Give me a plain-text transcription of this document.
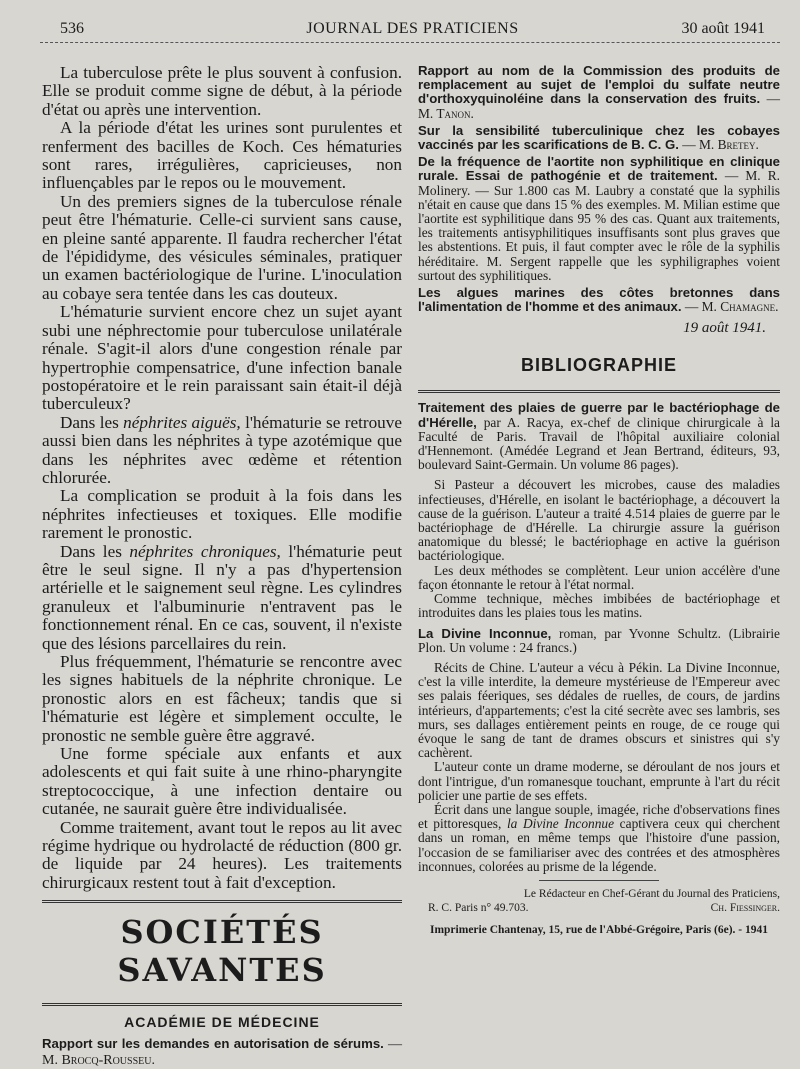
536	JOURNAL DES PRATICIENS	30 août 1941

La tuberculose prête le plus souvent à confusion. Elle se produit comme signe de début, à la période d'état ou après une intervention.

A la période d'état les urines sont purulentes et renferment des bacilles de Koch. Ces hématuries sont rares, irrégulières, capricieuses, non influençables par le repos ou le mouvement.

Un des premiers signes de la tuberculose rénale peut être l'hématurie. Celle-ci survient sans cause, en pleine santé apparente. Il faudra rechercher l'état de l'épididyme, des vésicules séminales, pratiquer un examen bactériologique de l'urine. L'inoculation au cobaye sera tentée dans les cas douteux.

L'hématurie survient encore chez un sujet ayant subi une néphrectomie pour tuberculose unilatérale rénale. S'agit-il alors d'une congestion rénale par hypertrophie compensatrice, d'une infection banale postopératoire et le rein paraissant sain était-il déjà tuberculeux?

Dans les néphrites aiguës, l'hématurie se retrouve aussi bien dans les néphrites à type azotémique que dans les néphrites avec œdème et rétention chlorurée.

La complication se produit à la fois dans les néphrites infectieuses et toxiques. Elle modifie rarement le pronostic.

Dans les néphrites chroniques, l'hématurie peut être le seul signe. Il n'y a pas d'hypertension artérielle et le saignement seul règne. Les cylindres granuleux et l'albuminurie n'entravent pas le fonctionnement rénal. En ce cas, souvent, il n'existe que des lésions parcellaires du rein.

Plus fréquemment, l'hématurie se rencontre avec les signes habituels de la néphrite chronique. Le pronostic alors en est fâcheux; tandis que si l'hématurie est légère et simplement occulte, le pronostic ne semble guère être aggravé.

Une forme spéciale aux enfants et aux adolescents et qui fait suite à une rhino-pharyngite streptococcique, à une infection dentaire ou cutanée, ne saurait guère être individualisée.

Comme traitement, avant tout le repos au lit avec régime hydrique ou hydrolacté de réduction (800 gr. de liquide par 24 heures). Les traitements chirurgicaux restent tout à fait d'exception.

SOCIÉTÉS SAVANTES
ACADÉMIE DE MÉDECINE

Rapport sur les demandes en autorisation de sérums. — M. Brocq-Rousseu.

Rapport au nom de la Commission des produits de remplacement au sujet de l'emploi du sulfate neutre d'orthoxyquinoléine dans la conservation des fruits. — M. Tanon.

Sur la sensibilité tuberculinique chez les cobayes vaccinés par les scarifications de B. C. G. — M. Bretey.

De la fréquence de l'aortite non syphilitique en clinique rurale. Essai de pathogénie et de traitement. — M. R. Molinery. — Sur 1.800 cas M. Laubry a constaté que la syphilis n'était en cause que dans 15 % des exemples. M. Milian estime que l'aortite est syphilitique dans 95 % des cas. Quant aux traitements, les traitements antisyphilitiques insuffisants sont plus graves que les abstentions. Et puis, il faut compter avec le rôle de la syphilis héréditaire. M. Sergent rappelle que les syphiligraphes voient surtout des syphilitiques.

Les algues marines des côtes bretonnes dans l'alimentation de l'homme et des animaux. — M. Chamagne.

19 août 1941.
BIBLIOGRAPHIE

Traitement des plaies de guerre par le bactériophage de d'Hérelle, par A. Racya, ex-chef de clinique chirurgicale à la Faculté de Paris. Travail de l'hôpital auxiliaire colonial d'Hennemont. (Amédée Legrand et Jean Bertrand, éditeurs, 93, boulevard Saint-Germain. Un volume 86 pages).

Si Pasteur a découvert les microbes, cause des maladies infectieuses, d'Hérelle, en isolant le bactériophage, a découvert la cause de la guérison. L'auteur a traité 4.514 plaies de guerre par le bactériophage de d'Hérelle. La chirurgie assure la guérison anatomique du blessé; le bactériophage en active la guérison bactériologique.

Les deux méthodes se complètent. Leur union accélère d'une façon étonnante le retour à l'état normal.

Comme technique, mèches imbibées de bactériophage et introduites dans les plaies tous les matins.

La Divine Inconnue, roman, par Yvonne Schultz. (Librairie Plon. Un volume : 24 francs.)

Récits de Chine. L'auteur a vécu à Pékin. La Divine Inconnue, c'est la ville interdite, la demeure mystérieuse de l'Empereur avec ses palais féeriques, ses dédales de ruelles, de cours, de jardins intérieurs, d'appartements; c'est la cité secrète avec ses lambris, ses murs, ses dallages entièrement peints en rouge, de ce rouge qui évoque le sang de tant de drames obscurs et sinistres qui s'y cachèrent.

L'auteur conte un drame moderne, se déroulant de nos jours et dont l'intrigue, d'un romanesque touchant, emprunte à l'art du récit policier une partie de ses effets.

Écrit dans une langue souple, imagée, riche d'observations fines et pittoresques, la Divine Inconnue captivera ceux qui cherchent dans un roman, en même temps que l'histoire d'une passion, l'occasion de se familiariser avec des contrées et des atmosphères inconnues, colorées au prisme de la légende.

Le Rédacteur en Chef-Gérant du Journal des Praticiens,
R. C. Paris n° 49.703.	Ch. Fiessinger.
Imprimerie Chantenay, 15, rue de l'Abbé-Grégoire, Paris (6e). - 1941
